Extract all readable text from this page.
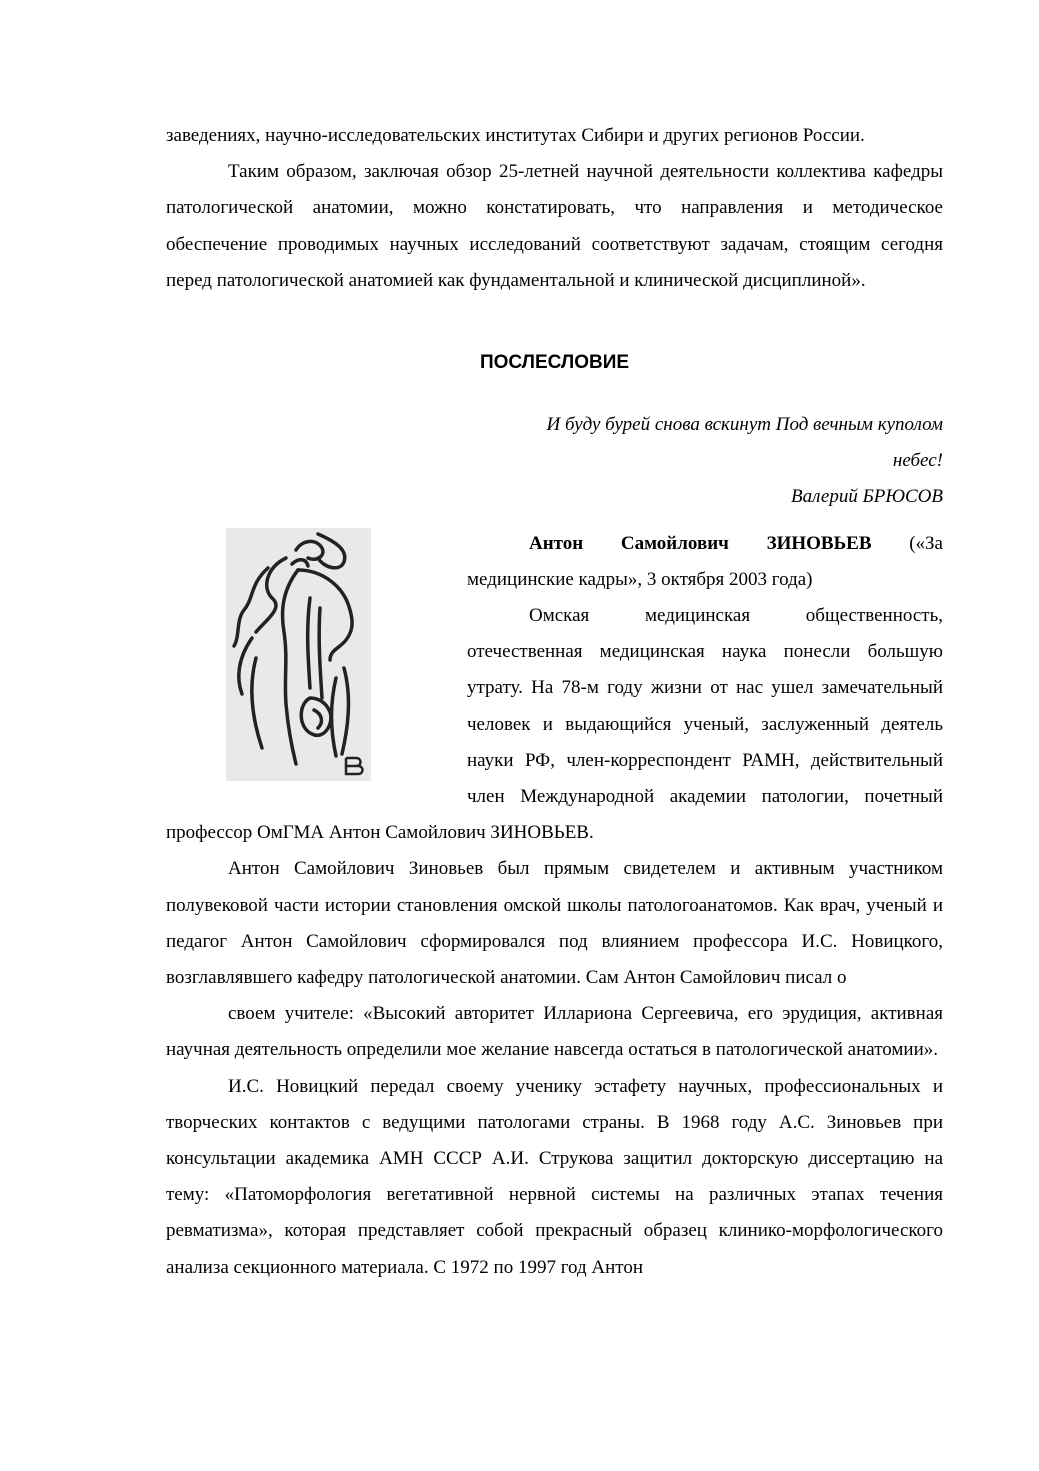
заведениях, научно-исследовательских институтах Сибири и других регионов России.

Таким образом, заключая обзор 25-летней научной деятельности коллектива кафедры патологической анатомии, можно констатировать, что направления и методическое обеспечение проводимых научных исследований соответствуют задачам, стоящим сегодня перед патологической анатомией как фундаментальной и клинической дисциплиной».

ПОСЛЕСЛОВИЕ
И буду бурей снова вскинут Под вечным куполом
небес!
Валерий БРЮСОВ

Антон Самойлович ЗИНОВЬЕВ («За медицинские кадры», 3 октября 2003 года)

Омская медицинская общественность, отечественная медицинская наука понесли большую утрату. На 78-м году жизни от нас ушел замечательный человек и выдающийся ученый, заслуженный деятель науки РФ, член-корреспондент РАМН, действительный член Международной академии патологии, почетный профессор ОмГМА Антон Самойлович ЗИНОВЬЕВ.

Антон Самойлович Зиновьев был прямым свидетелем и активным участником полувековой части истории становления омской школы патологоанатомов. Как врач, ученый и педагог Антон Самойлович сформировался под влиянием профессора И.С. Новицкого, возглавлявшего кафедру патологической анатомии. Сам Антон Самойлович писал о

своем учителе: «Высокий авторитет Иллариона Сергеевича, его эрудиция, активная научная деятельность определили мое желание навсегда остаться в патологической анатомии».

И.С. Новицкий передал своему ученику эстафету научных, профессиональных и творческих контактов с ведущими патологами страны. В 1968 году А.С. Зиновьев при консультации академика АМН СССР А.И. Струкова защитил докторскую диссертацию на тему: «Патоморфология вегетативной нервной системы на различных этапах течения ревматизма», которая представляет собой прекрасный образец клинико-морфологического анализа секционного материала. С 1972 по 1997 год Антон
